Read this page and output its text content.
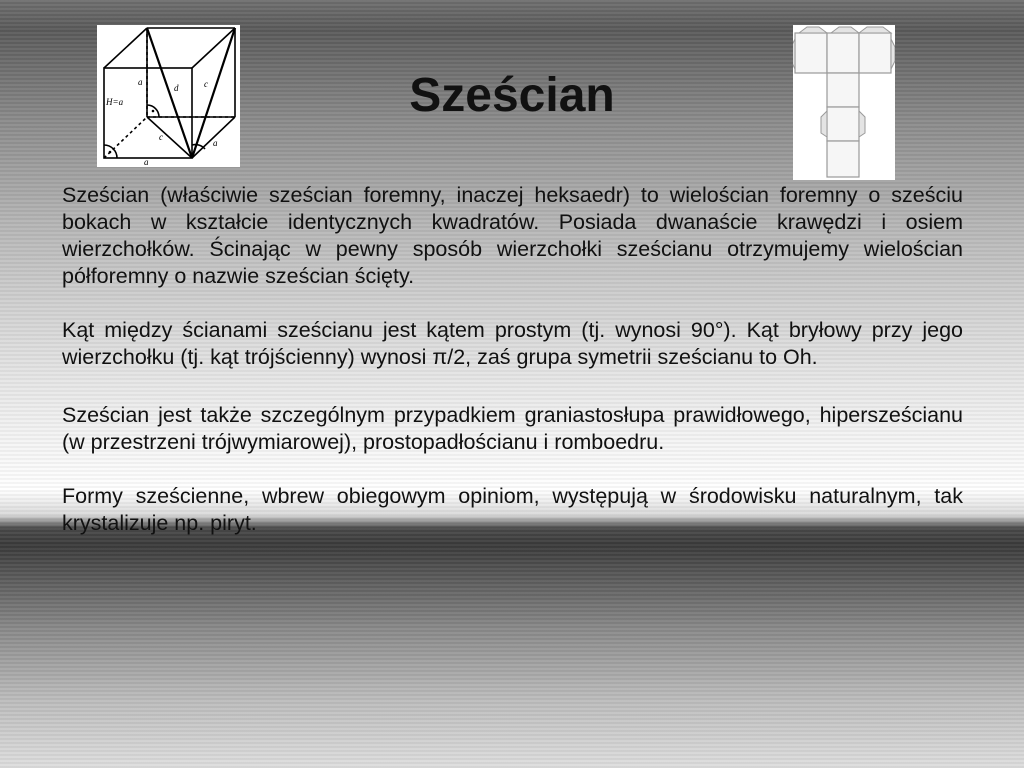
H=a
a
d	c
c
a
a
Sześcian

Sześcian (właściwie sześcian foremny, inaczej heksaedr) to wielościan foremny o sześciu bokach w kształcie identycznych kwadratów. Posiada dwanaście krawędzi i osiem wierzchołków. Ścinając w pewny sposób wierzchołki sześcianu otrzymujemy wielościan półforemny o nazwie sześcian ścięty.

Kąt między ścianami sześcianu jest kątem prostym (tj. wynosi 90°). Kąt bryłowy przy jego wierzchołku (tj. kąt trójścienny) wynosi π/2, zaś grupa symetrii sześcianu to Oh.

Sześcian jest także szczególnym przypadkiem graniastosłupa prawidłowego, hipersześcianu (w przestrzeni trójwymiarowej), prostopadłościanu i romboedru.

Formy sześcienne, wbrew obiegowym opiniom, występują w środowisku naturalnym, tak krystalizuje np. piryt.
